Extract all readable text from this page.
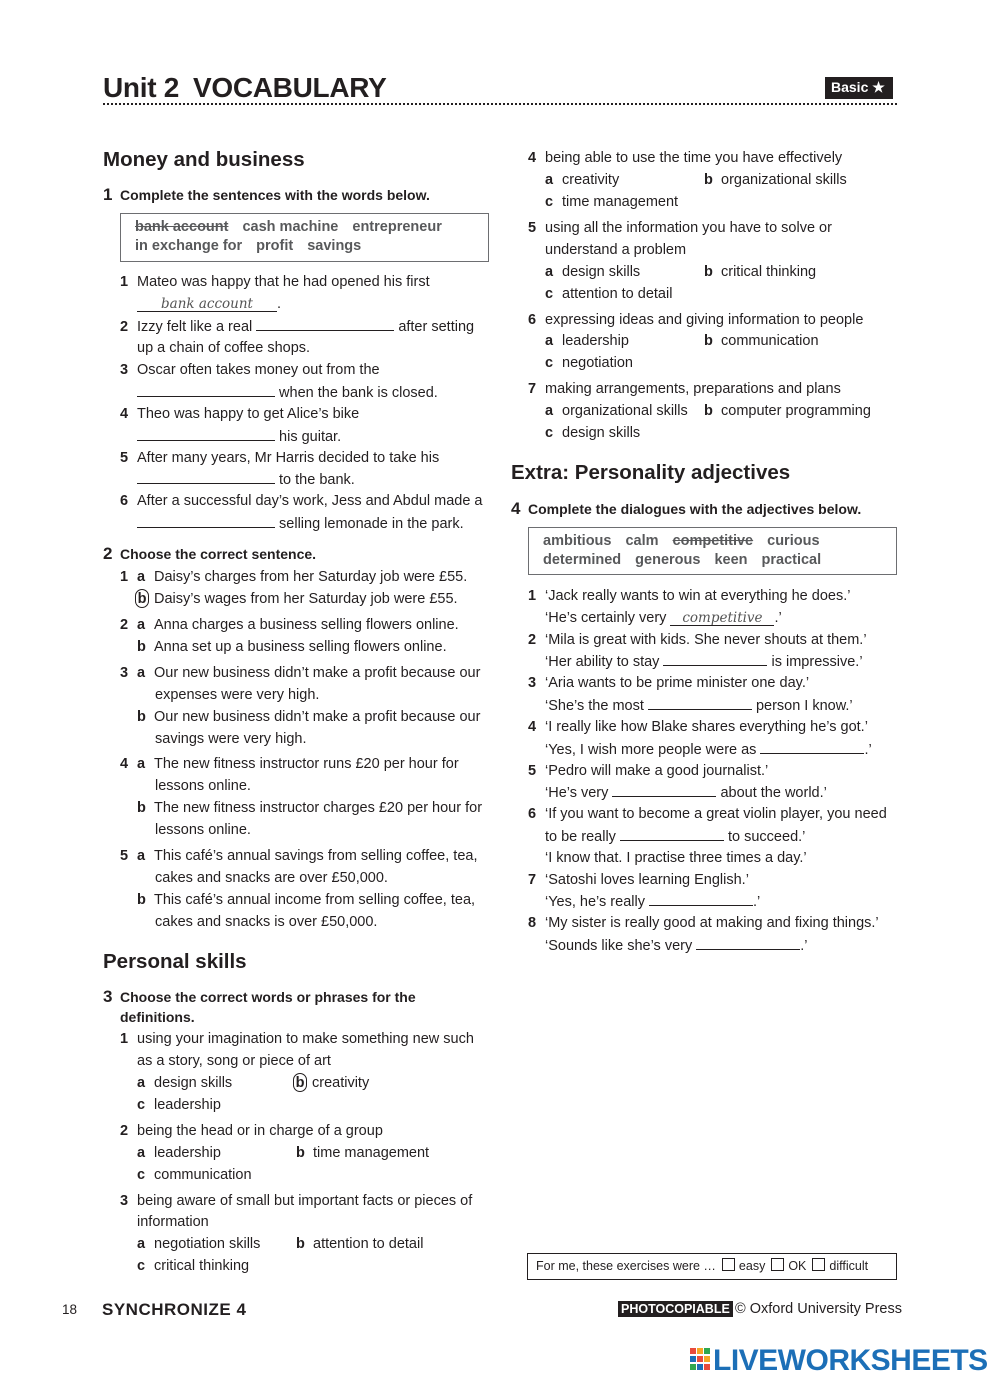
Unit 2 VOCABULARY	Basic ★
Money and business
1 Complete the sentences with the words below.
bank account cash machine entrepreneur
in exchange for profit savings
1 Mateo was happy that he had opened his first
bank account .
2 Izzy felt like a real	after setting
up a chain of coffee shops.
3 Oscar often takes money out from the
when the bank is closed.
4 Theo was happy to get Alice’s bike
his guitar.
5 After many years, Mr Harris decided to take his
to the bank.
6 After a successful day’s work, Jess and Abdul made a
selling lemonade in the park.
2 Choose the correct sentence.
1 a Daisy’s charges from her Saturday job were £55.
b Daisy’s wages from her Saturday job were £55.
2 a Anna charges a business selling flowers online.
b Anna set up a business selling flowers online.
3 a Our new business didn’t make a profit because our
expenses were very high.
b Our new business didn’t make a profit because our
savings were very high.
4 a The new fitness instructor runs £20 per hour for
lessons online.
b The new fitness instructor charges £20 per hour for
lessons online.
5 a This café’s annual savings from selling coffee, tea,
cakes and snacks are over £50,000.
b This café’s annual income from selling coffee, tea,
cakes and snacks is over £50,000.
Personal skills
3 Choose the correct words or phrases for the
definitions.
1 using your imagination to make something new such
as a story, song or piece of art
a design skills	b creativity
c leadership
2 being the head or in charge of a group
a leadership	b time management
c communication
3 being aware of small but important facts or pieces of
information
a negotiation skills b attention to detail
c critical thinking
4 being able to use the time you have effectively
a creativity	b organizational skills
c time management
5 using all the information you have to solve or
understand a problem
a design skills	b critical thinking
c attention to detail
6 expressing ideas and giving information to people
a leadership	b communication
c negotiation
7 making arrangements, preparations and plans
a organizational skills b computer programming
c design skills
Extra: Personality adjectives
4 Complete the dialogues with the adjectives below.
ambitious calm competitive curious
determined generous keen practical
1 ‘Jack really wants to win at everything he does.’
‘He’s certainly very competitive .’
2 ‘Mila is great with kids. She never shouts at them.’
‘Her ability to stay	is impressive.’
3 ‘Aria wants to be prime minister one day.’
‘She’s the most	person I know.’
4 ‘I really like how Blake shares everything he’s got.’
‘Yes, I wish more people were as	.’
5 ‘Pedro will make a good journalist.’
‘He’s very	about the world.’
6 ‘If you want to become a great violin player, you need
to be really	to succeed.’
‘I know that. I practise three times a day.’
7 ‘Satoshi loves learning English.’
‘Yes, he’s really	.’
8 ‘My sister is really good at making and fixing things.’
‘Sounds like she’s very	.’
For me, these exercises were … easy OK difficult
18 SYNCHRONIZE 4	PHOTOCOPIABLE © Oxford University Press
LIVEWORKSHEETS
